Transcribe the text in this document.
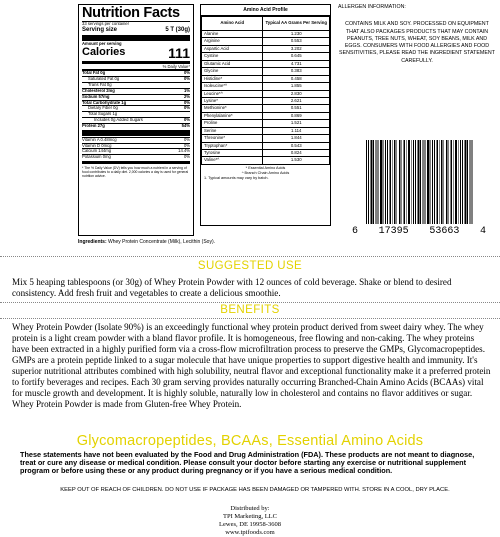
Nutrition Facts
33 servings per container
Serving size	5 T (30g)
Amount per serving
Calories	111
% Daily Value*
Total Fat 0g	0%
Saturated Fat 0g	0%
Trans Fat 0g
Cholesterol 2mg	1%
Sodium 57mg	2%
Total Carbohydrate 1g	0%
Dietary Fiber 0g	0%
Total Sugars 1g
Includes 0g Added Sugars	0%
Protein 27g	54%
Vitamin A 0.48mcg	0%
Vitamin D 0mcg	0%
Calcium 144mg	14.4%
Potassium 0mg	0%
* The % Daily Value (DV) tells you how much a nutrient in a serving of food contributes to a daily diet. 2,000 calories a day is used for general nutrition advice.
Amino Acid Profile
Amino Acid	Typical AA Grams Per Serving
Alanine	1.230
Arginine	0.553
Aspartic Acid	3.202
Cystine	0.645
Glutamic Acid	4.731
Glycine	0.383
Histidine*	0.458
Isoleucine*^	1.855
Leucine*^	2.830
Lysine*	2.621
Methionine*	0.551
Phenylalanine*	0.869
Proline	1.521
Serine	1.114
Threonine*	1.844
Tryptophan*	0.543
Tyrosine	0.824
Valine*^	1.530
* Essential Amino Acids
^ Branch Chain Amino Acids
1. Typical amounts may vary by batch.
ALLERGEN INFORMATION:
CONTAINS MILK AND SOY. PROCESSED ON EQUIPMENT THAT ALSO PACKAGES PRODUCTS THAT MAY CONTAIN PEANUTS, TREE NUTS, WHEAT, SOY BEANS, MILK AND EGGS. CONSUMERS WITH FOOD ALLERGIES AND FOOD SENSITIVITIES, PLEASE READ THE INGREDIENT STATEMENT CAREFULLY.
6 17395 53663 4
Ingredients: Whey Protein Concentrate (Milk), Lecithin (Soy).
SUGGESTED USE
Mix 5 heaping tablespoons (or 30g) of Whey Protein Powder with 12 ounces of cold beverage. Shake or blend to desired consistency. Add fresh fruit and vegetables to create a delicious smoothie.
BENEFITS
Whey Protein Powder (Isolate 90%) is an exceedingly functional whey protein product derived from sweet dairy whey. The whey protein is a light cream powder with a bland flavor profile. It is homogeneous, free flowing and non-caking. The whey proteins have been extracted in a highly purified form via a cross-flow microfiltration process to preserve the GMPs, Glycomacropeptides. GMPs are a protein peptide linked to a sugar molecule that have unique properties to support digestive health and immunity. It's superior nutritional attributes combined with high solubility, neutral flavor and exceptional functionality make it a preferred protein to fortify beverages and recipes. Each 30 gram serving provides naturally occurring Branched-Chain Amino Acids (BCAAs) vital for muscle growth and development. It is highly soluble, naturally low in cholesterol and contains no flavor additives or sugar. Whey Protein Powder is made from Gluten-free Whey Protein.
Glycomacropeptides, BCAAs, Essential Amino Acids
These statements have not been evaluated by the Food and Drug Administration (FDA). These products are not meant to diagnose, treat or cure any disease or medical condition. Please consult your doctor before starting any exercise or nutritional supplement program or before using these or any product during pregnancy or if you have a serious medical condition.
KEEP OUT OF REACH OF CHILDREN. DO NOT USE IF PACKAGE HAS BEEN DAMAGED OR TAMPERED WITH. STORE IN A COOL, DRY PLACE.
Distributed by:
TPI Marketing, LLC
Lewes, DE 19958-3608
www.tpifoods.com
